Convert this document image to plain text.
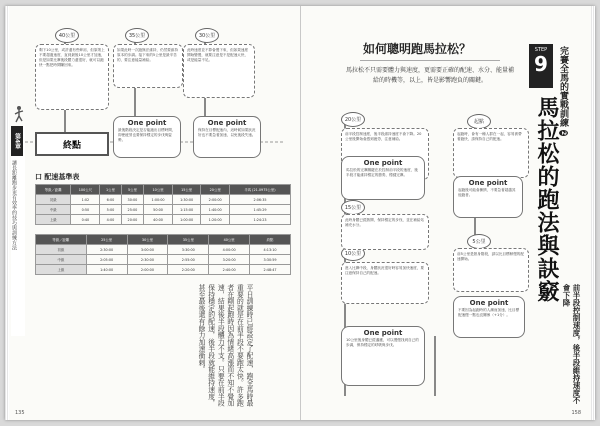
40公里	35公里	30公里
剩下10公里，或許還有些餘裕，但原則上不要超過速度，直到最後10公里才加速，但是如果比賽後段體力還很好，就可以跑快一點把時間賺回來。
如果此時一次跑無法維持，仍然要維持原本的步調。接下來的5公里是最辛苦的，要注意能量補給。
此時速度並不算會慢下來，但如果速度開始變慢，就要注意是不是配速太快，或是能量不足。
One point
最後階段決定是否能跑出目標時間，即使疲勞也要保持穩定的步伐與姿勢。
One point
保持在目標配速內，這時候如果狀況好也不要急著加速，以免後段失速。
終點
第4章
讓長距離跑步更有效率的技巧與訓練方法	口 配速基準表
等級／距離	100公尺	1公里	5公里	10公里	15公里	20公里	半馬 (21.0975公里)
初級	1:02	6:00	30:00	1:00:00	1:30:00	2:00:00	2:06:35
中級	0:50	5:00	25:00	50:00	1:15:00	1:40:00	1:45:29
上級	0:40	4:00	20:00	40:00	1:00:00	1:20:00	1:24:23
等級／距離	25公里	30公里	35公里	40公里	終點
初級	2:30:00	3:00:00	3:30:00	4:00:00	4:13:10
中級	2:05:00	2:30:00	2:55:00	3:20:00	3:30:59
上級	1:40:00	2:00:00	2:20:00	2:40:00	2:48:47
前半段控制速度，後半段維持速度不會下降
平日訓練時已經設定了配速，跑全馬時最重要的就是在前半段不要跑太快。許多跑者在剛起跑時因為情緒高漲而不知不覺加速，結果後半段體力不支。只要在前半段保持穩定的配速，後半段就能維持速度，甚至最後還有餘力加速衝刺。
135
如何聰明跑馬拉松？
馬拉松不只需要體力與速度，更需要正確的配速、水分、能量補給的時機等，以上，皆是影響跑負的關鍵。
STEP
9	完賽全馬的實戰訓練 2
馬拉松的跑法與訣竅
20公里	起點
15公里
10公里
5公里
前半段控制速度，後半段維持速度不會下降。20公里後開始會感到疲勞，注意補給。
起跑時，會有一種人群在一起，容易被帶著跑快，請保持自己的配速。
此時身體已經熱開，保持穩定的步伐，並在補給站補充水分。
進入比賽中段，身體狀況很好時容易加快速度，要注意保持自己的配速。
前5公里是熱身階段，請以比目標稍慢的配速開始。
One point
馬拉松的完賽關鍵在於控制前半段的速度，後半段才能維持穩定的節奏，穩健完賽。
One point
起跑後可能會擁擠，不要急著超越其他跑者。
One point
10公里後身體已經適應，可以慢慢找到自己的步調，保持穩定的呼吸與步伐。
One point
不要因為起跑時的人潮而加速，比目標配速慢一點也沒關係（+1分）。
158
